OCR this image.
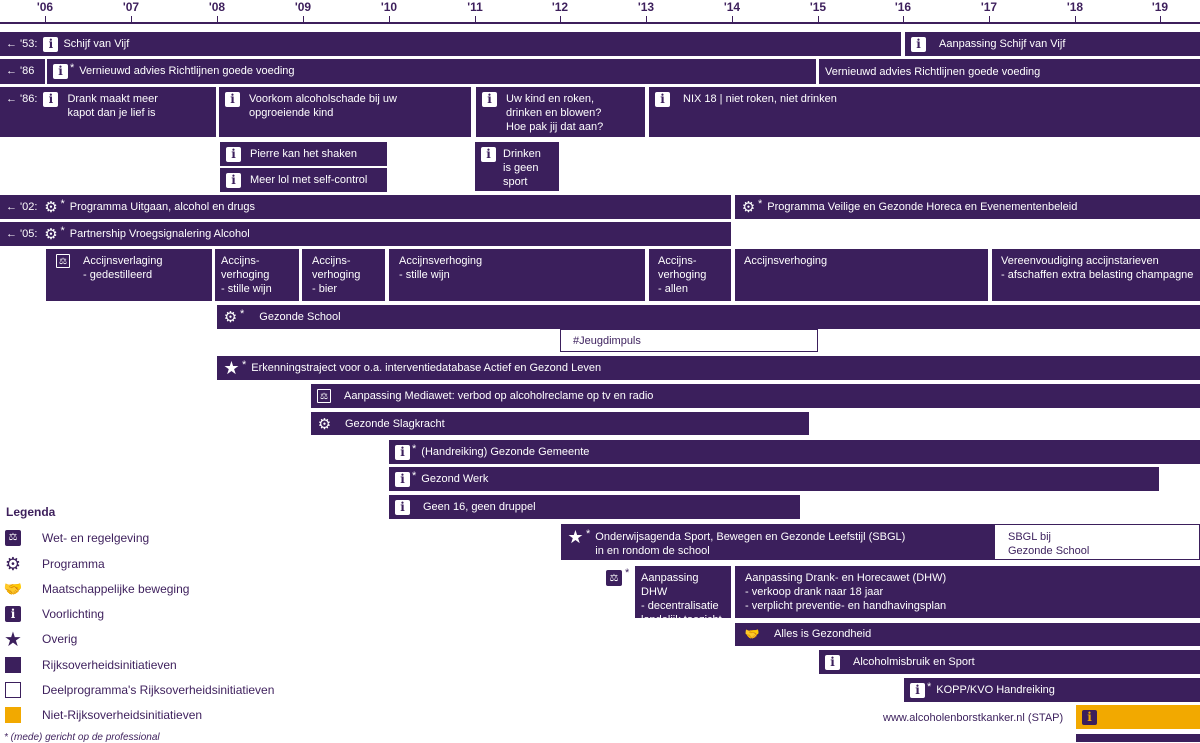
'06	'07	'08	'09	'10	'11	'12	'13	'14	'15	'16	'17	'18	'19
← '53: i Schijf van Vijf	i	Aanpassing Schijf van Vijf
← '86	i * Vernieuwd advies Richtlijnen goede voeding	Vernieuwd advies Richtlijnen goede voeding
← '86: i	Drank maakt meer
kapot dan je lief is
i	Voorkom alcoholschade bij uw
opgroeiende kind
i	Uw kind en roken,
drinken en blowen?
Hoe pak jij dat aan?
i	NIX 18 | niet roken, niet drinken
i	Pierre kan het shaken
i	Meer lol met self-control
i	Drinken
is geen
sport
← '02: ⚙ * Programma Uitgaan, alcohol en drugs	⚙ * Programma Veilige en Gezonde Horeca en Evenementenbeleid
← '05: ⚙ * Partnership Vroegsignalering Alcohol
⚖ Accijnsverlaging
- gedestilleerd
Accijns-
verhoging
- stille wijn
Accijns-
verhoging
- bier
Accijnsverhoging
- stille wijn
Accijns-
verhoging
- allen
Accijnsverhoging	Vereenvoudiging accijnstarieven
- afschaffen extra belasting champagne
⚙ * Gezonde School
#Jeugdimpuls
★ * Erkenningstraject voor o.a. interventiedatabase Actief en Gezond Leven
⚖ Aanpassing Mediawet: verbod op alcoholreclame op tv en radio
⚙ Gezonde Slagkracht
i * (Handreiking) Gezonde Gemeente
i * Gezond Werk
i	Geen 16, geen druppel
★ * Onderwijsagenda Sport, Bewegen en Gezonde Leefstijl (SBGL)
in en rondom de school
SBGL bij
Gezonde School
⚖ * Aanpassing DHW
- decentralisatie
landelijk toezicht
Aanpassing Drank- en Horecawet (DHW)
- verkoop drank naar 18 jaar
- verplicht preventie- en handhavingsplan
🤝	Alles is Gezondheid
i	Alcoholmisbruik en Sport
i * KOPP/KVO Handreiking
www.alcoholenborstkanker.nl (STAP)	i
Legenda
⚖ Wet- en regelgeving
⚙ Programma
🤝 Maatschappelijke beweging
i	Voorlichting
★ Overig
Rijksoverheidsinitiatieven
Deelprogramma's Rijksoverheidsinitiatieven
Niet-Rijksoverheidsinitiatieven
* (mede) gericht op de professional
